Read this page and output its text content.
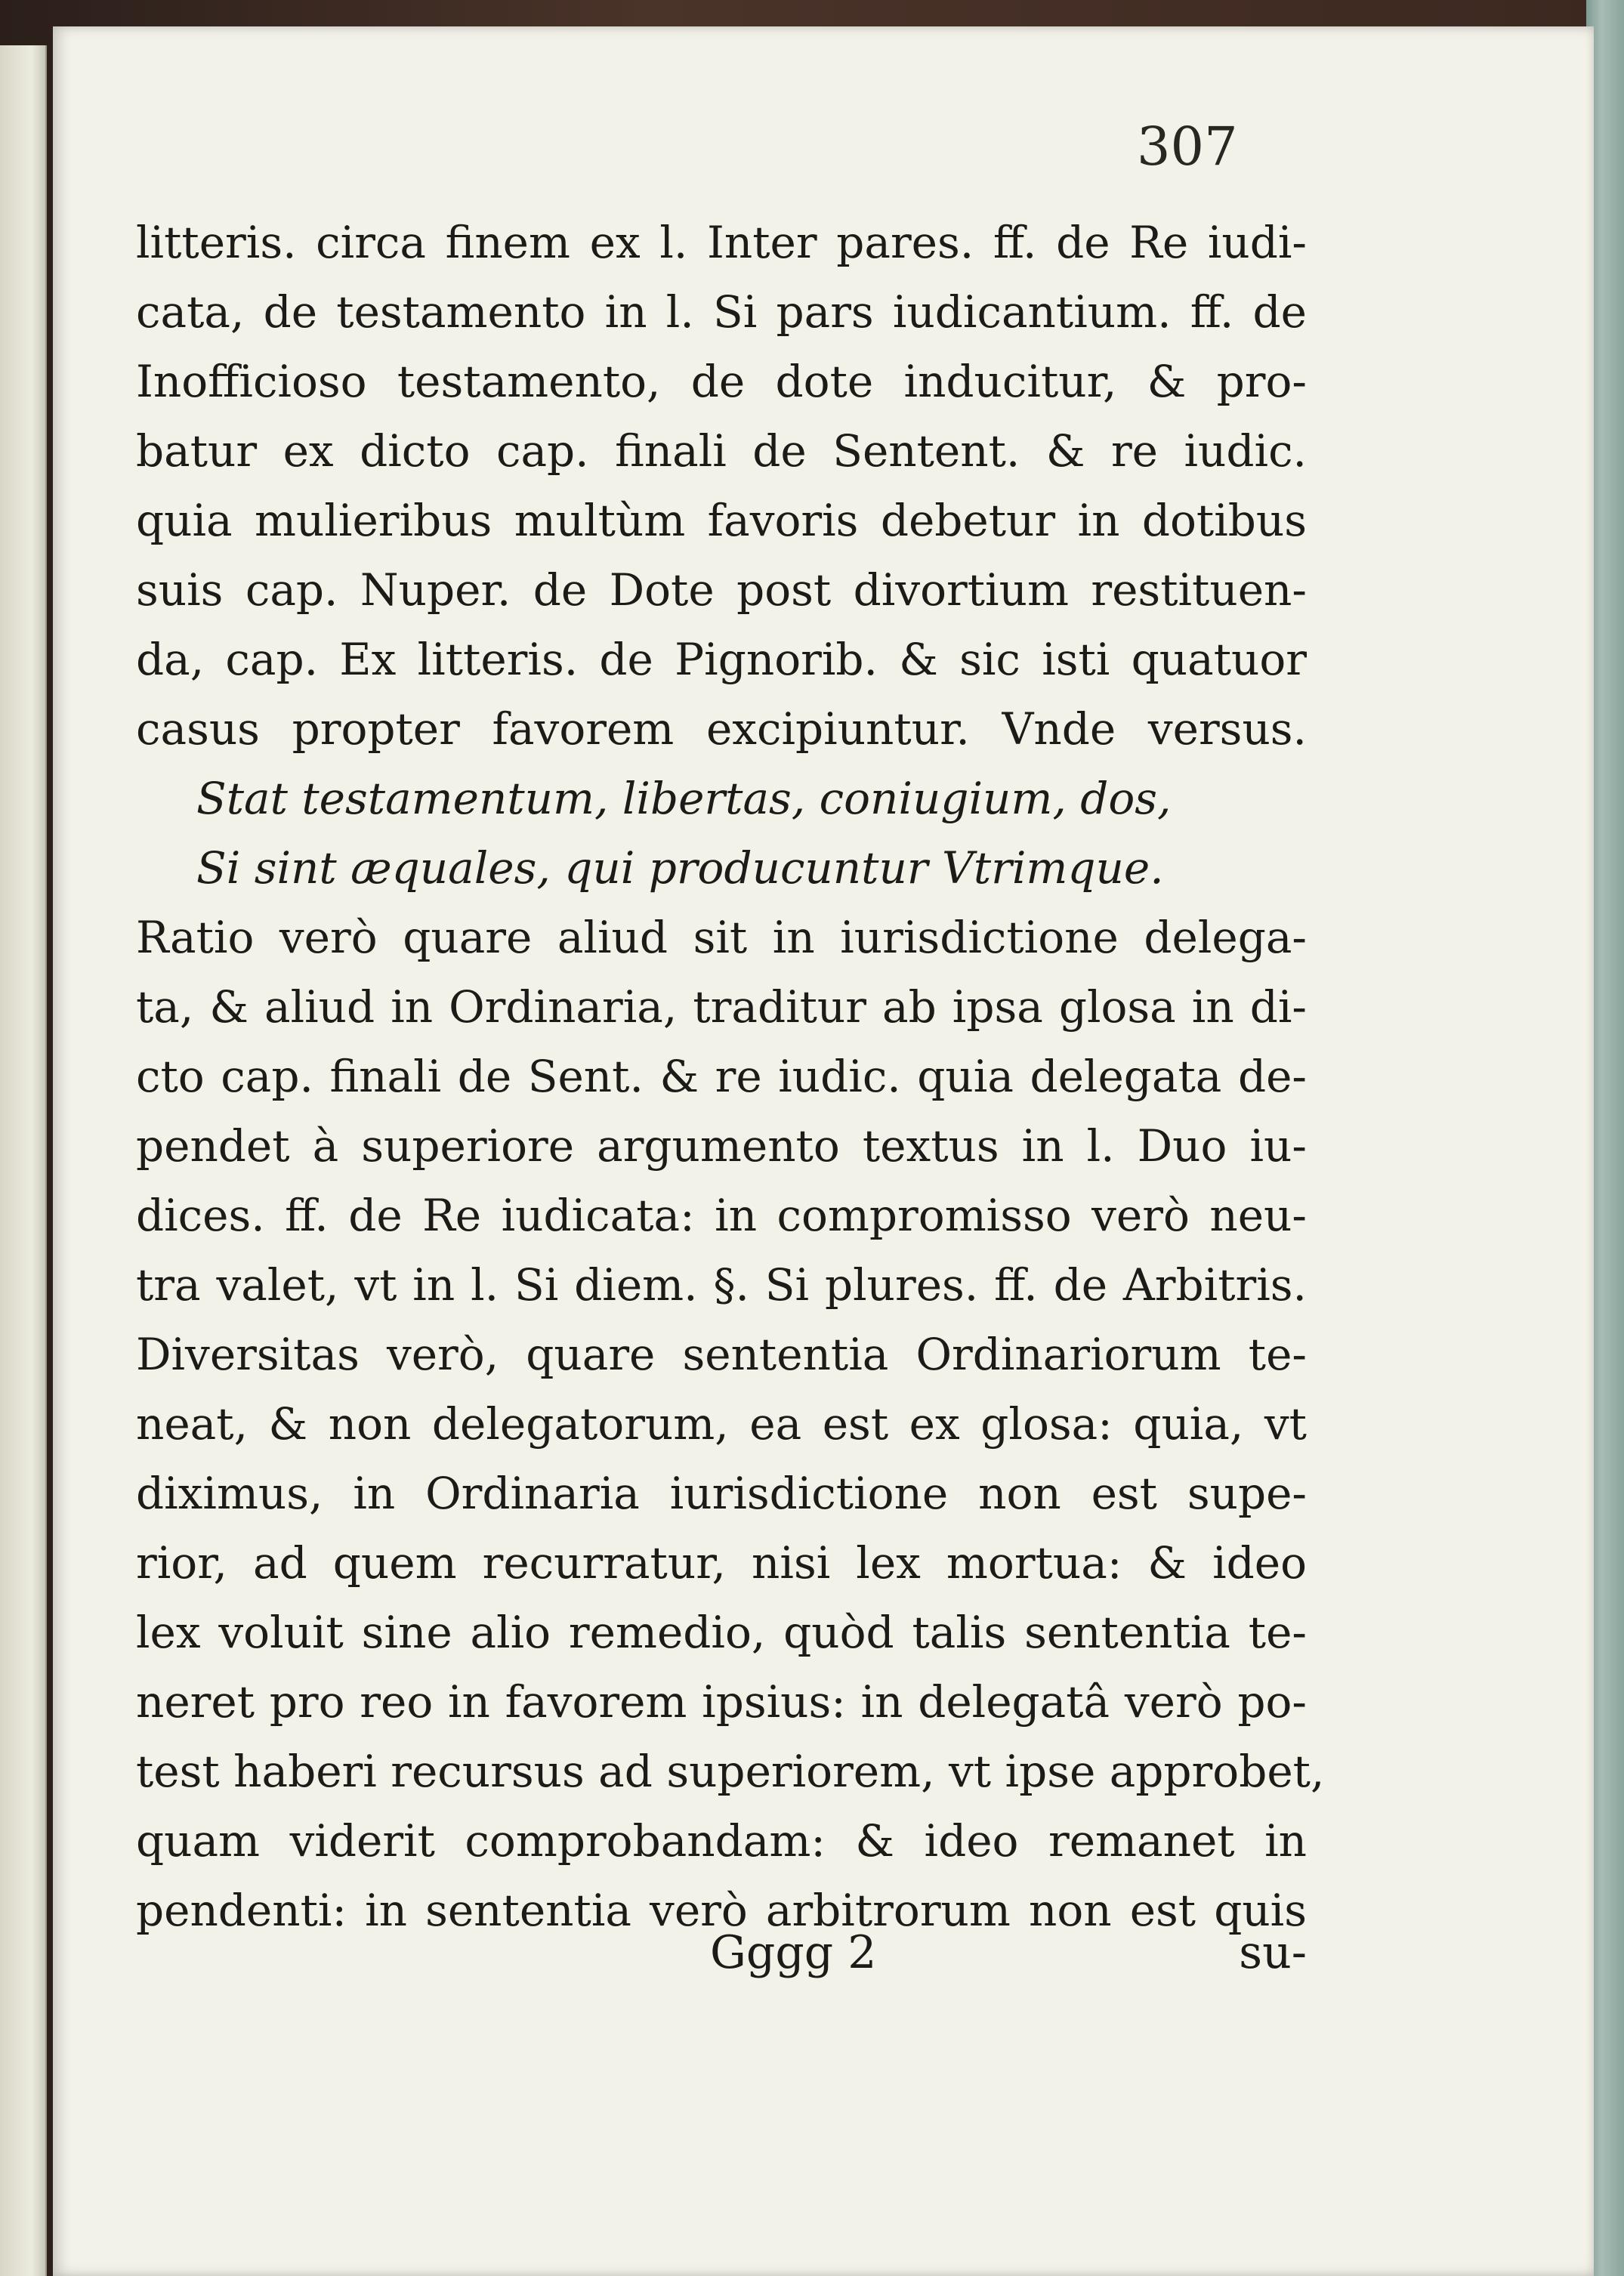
307
litteris. circa finem ex l. Inter pares. ff. de Re iudi-
cata, de testamento in l. Si pars iudicantium. ff. de
Inofficioso testamento, de dote inducitur, & pro-
batur ex dicto cap. finali de Sentent. & re iudic.
quia mulieribus multùm favoris debetur in dotibus
suis cap. Nuper. de Dote post divortium restituen-
da, cap. Ex litteris. de Pignorib. & sic isti quatuor
casus propter favorem excipiuntur. Vnde versus.
Stat testamentum, libertas, coniugium, dos,
Si sint æquales, qui producuntur Vtrimque.
Ratio verò quare aliud sit in iurisdictione delega-
ta, & aliud in Ordinaria, traditur ab ipsa glosa in di-
cto cap. finali de Sent. & re iudic. quia delegata de-
pendet à superiore argumento textus in l. Duo iu-
dices. ff. de Re iudicata: in compromisso verò neu-
tra valet, vt in l. Si diem. §. Si plures. ff. de Arbitris.
Diversitas verò, quare sententia Ordinariorum te-
neat, & non delegatorum, ea est ex glosa: quia, vt
diximus, in Ordinaria iurisdictione non est supe-
rior, ad quem recurratur, nisi lex mortua: & ideo
lex voluit sine alio remedio, quòd talis sententia te-
neret pro reo in favorem ipsius: in delegatâ verò po-
test haberi recursus ad superiorem, vt ipse approbet,
quam viderit comprobandam: & ideo remanet in
pendenti: in sententia verò arbitrorum non est quis
Gggg 2	su-
